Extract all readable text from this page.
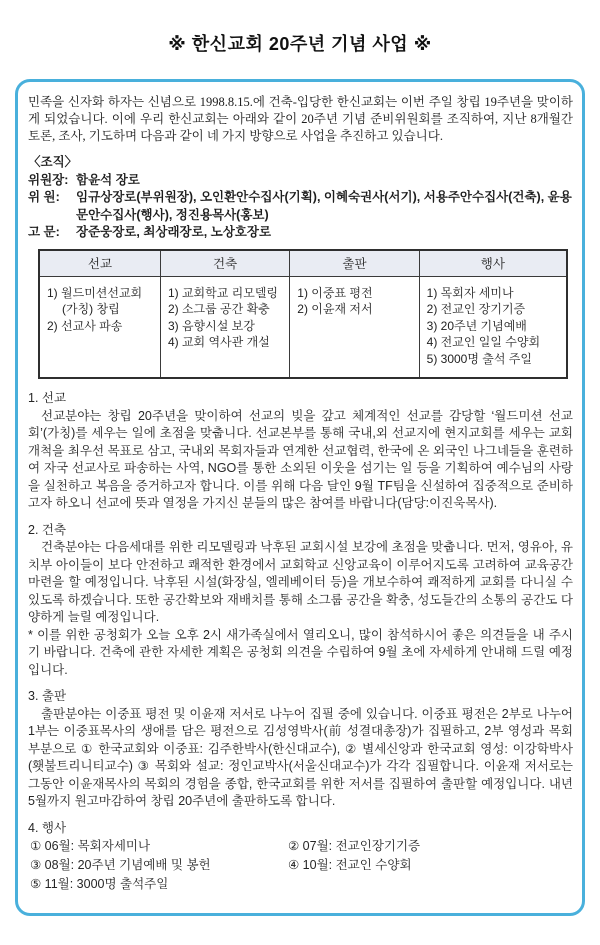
※ 한신교회 20주년 기념 사업 ※

민족을 신자화 하자는 신념으로 1998.8.15.에 건축-입당한 한신교회는 이번 주일 창립 19주년을 맞이하게 되었습니다. 이에 우리 한신교회는 아래와 같이 20주년 기념 준비위원회를 조직하여, 지난 8개월간 토론, 조사, 기도하며 다음과 같이 네 가지 방향으로 사업을 추진하고 있습니다.

〈조직〉
위원장: 함윤석 장로
위 원:	임규상장로(부위원장), 오인환안수집사(기획), 이혜숙권사(서기), 서용주안수집사(건축), 윤용문안수집사(행사), 정진용목사(홍보)
고 문:	장준웅장로, 최상래장로, 노상호장로
선교	건축	출판	행사

1) 월드미션선교회(가칭) 창립
2) 선교사 파송

1) 교회학교 리모델링
2) 소그룹 공간 확충
3) 음향시설 보강
4) 교회 역사관 개설

1) 이중표 평전
2) 이윤재 저서

1) 목회자 세미나
2) 전교인 장기기증
3) 20주년 기념예배
4) 전교인 일일 수양회
5) 3000명 출석 주일
1. 선교

선교분야는 창립 20주년을 맞이하여 선교의 빚을 갚고 체계적인 선교를 감당할 ‘월드미션 선교회’(가칭)를 세우는 일에 초점을 맞춥니다. 선교본부를 통해 국내,외 선교지에 현지교회를 세우는 교회개척을 최우선 목표로 삼고, 국내외 목회자들과 연계한 선교협력, 한국에 온 외국인 나그네들을 훈련하여 자국 선교사로 파송하는 사역, NGO를 통한 소외된 이웃을 섬기는 일 등을 기획하여 예수님의 사랑을 실천하고 복음을 증거하고자 합니다. 이를 위해 다음 달인 9월 TF팀을 신설하여 집중적으로 준비하고자 하오니 선교에 뜻과 열정을 가지신 분들의 많은 참여를 바랍니다(담당:이진욱목사).

2. 건축

건축분야는 다음세대를 위한 리모델링과 낙후된 교회시설 보강에 초점을 맞춥니다. 먼저, 영유아, 유치부 아이들이 보다 안전하고 쾌적한 환경에서 교회학교 신앙교육이 이루어지도록 고려하여 교육공간 마련을 할 예정입니다. 낙후된 시설(화장실, 엘레베이터 등)을 개보수하여 쾌적하게 교회를 다니실 수 있도록 하겠습니다. 또한 공간확보와 재배치를 통해 소그룹 공간을 확충, 성도들간의 소통의 공간도 다양하게 늘릴 예정입니다.

* 이를 위한 공청회가 오늘 오후 2시 새가족실에서 열리오니, 많이 참석하시어 좋은 의견들을 내 주시기 바랍니다. 건축에 관한 자세한 계획은 공청회 의견을 수립하여 9월 초에 자세하게 안내해 드릴 예정입니다.

3. 출판

출판분야는 이중표 평전 및 이윤재 저서로 나누어 집필 중에 있습니다. 이중표 평전은 2부로 나누어 1부는 이중표목사의 생애를 담은 평전으로 김성영박사(前 성결대총장)가 집필하고, 2부 영성과 목회 부분으로 ① 한국교회와 이중표: 김주한박사(한신대교수), ② 별세신앙과 한국교회 영성: 이강학박사(횃불트리니티교수) ③ 목회와 설교: 정인교박사(서울신대교수)가 각각 집필합니다. 이윤재 저서로는 그동안 이윤재목사의 목회의 경험을 종합, 한국교회를 위한 저서를 집필하여 출판할 예정입니다. 내년 5월까지 원고마감하여 창립 20주년에 출판하도록 합니다.

4. 행사
① 06월: 목회자세미나	② 07월: 전교인장기기증
③ 08월: 20주년 기념예배 및 봉헌	④ 10월: 전교인 수양회
⑤ 11월: 3000명 출석주일
